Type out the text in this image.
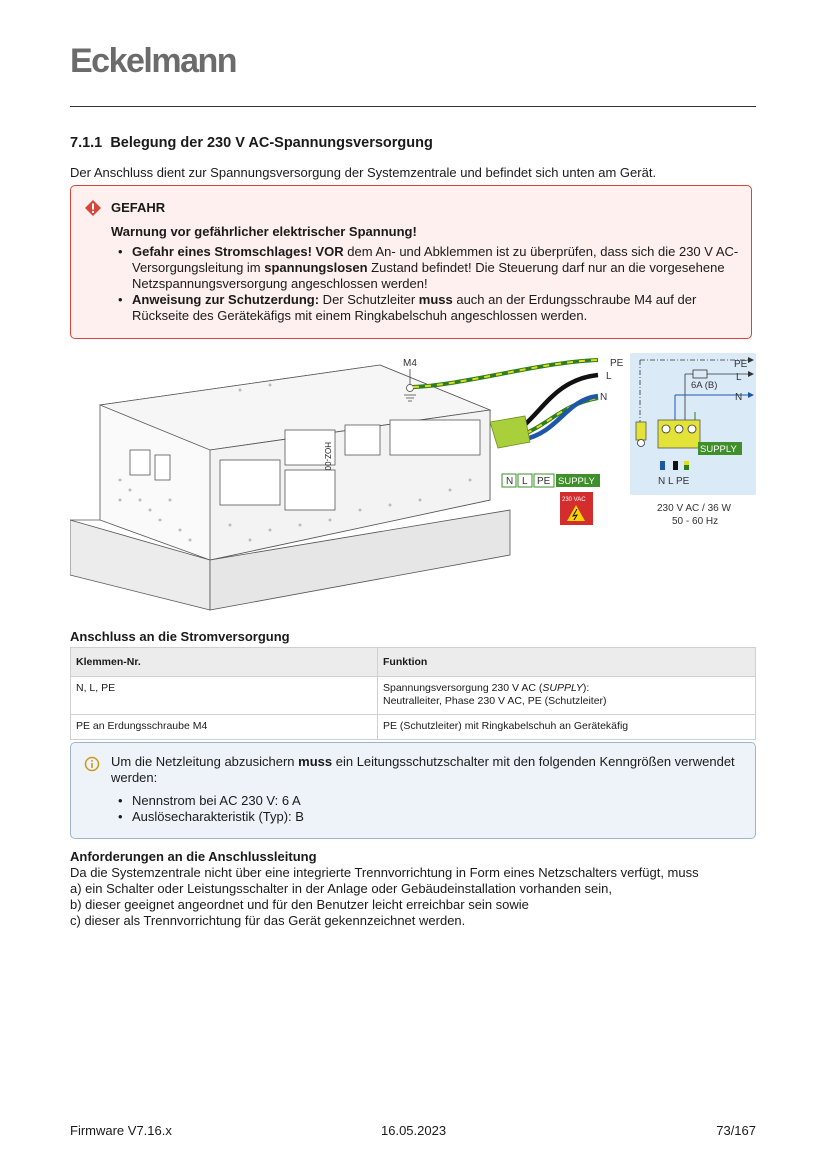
Eckelmann
7.1.1 Belegung der 230 V AC-Spannungsversorgung
Der Anschluss dient zur Spannungsversorgung der Systemzentrale und befindet sich unten am Gerät.
GEFAHR
Warnung vor gefährlicher elektrischer Spannung!
• Gefahr eines Stromschlages! VOR dem An- und Abklemmen ist zu überprüfen, dass sich die 230 V AC-Versorgungsleitung im spannungslosen Zustand befindet! Die Steuerung darf nur an die vorgesehene Netzspannungsversorgung angeschlossen werden!
• Anweisung zur Schutzerdung: Der Schutzleiter muss auch an der Erdungsschraube M4 auf der Rückseite des Gerätekäfigs mit einem Ringkabelschuh angeschlossen werden.
HOZ-00
M4	PE
L
N
N L PE SUPPLY
230 VAC
PE
L
N
6A (B)
SUPPLY
N L PE
230 V AC / 36 W
50 - 60 Hz
Anschluss an die Stromversorgung
Klemmen-Nr.	Funktion
N, L, PE	Spannungsversorgung 230 V AC (SUPPLY):
Neutralleiter, Phase 230 V AC, PE (Schutzleiter)
PE an Erdungsschraube M4	PE (Schutzleiter) mit Ringkabelschuh an Gerätekäfig
Um die Netzleitung abzusichern muss ein Leitungsschutzschalter mit den folgenden Kenngrößen verwendet werden:
• Nennstrom bei AC 230 V: 6 A
• Auslösecharakteristik (Typ): B
Anforderungen an die Anschlussleitung
Da die Systemzentrale nicht über eine integrierte Trennvorrichtung in Form eines Netzschalters verfügt, muss
a) ein Schalter oder Leistungsschalter in der Anlage oder Gebäudeinstallation vorhanden sein,
b) dieser geeignet angeordnet und für den Benutzer leicht erreichbar sein sowie
c) dieser als Trennvorrichtung für das Gerät gekennzeichnet werden.
Firmware V7.16.x	16.05.2023	73/167
